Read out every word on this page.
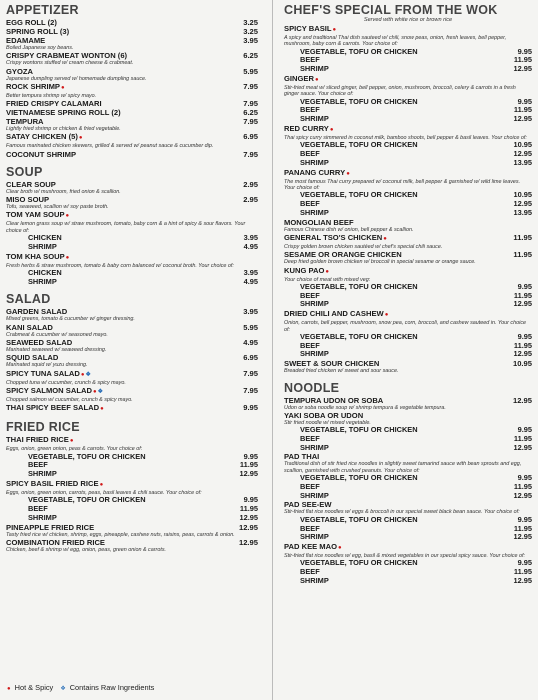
APPETIZER
EGG ROLL (2)	3.25
SPRING ROLL (3)	3.25
EDAMAME	3.95
Boiled Japanese soy beans.
CRISPY CRABMEAT WONTON (6)	6.25
Crispy wontons stuffed w/ cream cheese & crabmeat.
GYOZA	5.95
Japanese dumpling served w/ homemade dumpling sauce.
ROCK SHRIMP●	7.95
Better tempura shrimp w/ spicy mayo.
FRIED CRISPY CALAMARI	7.95
VIETNAMESE SPRING ROLL (2)	6.25
TEMPURA	7.95
Lightly fried shrimp or chicken & fried vegetable.
SATAY CHICKEN (5)●	6.95
Famous marinated chicken skewers, grilled & served w/ peanut sauce & cucumber dip.
COCONUT SHRIMP	7.95
SOUP
CLEAR SOUP	2.95
Clear broth w/ mushroom, fried onion & scallion.
MISO SOUP	2.95
Tofu, seaweed, scallion w/ soy paste broth.
TOM YAM SOUP●
Clear lemon grass soup w/ straw mushroom, tomato, baby corn & a hint of spicy & sour flavors. Your choice of:
CHICKEN	3.95
SHRIMP	4.95
TOM KHA SOUP●
Fresh herbs & straw mushroom, tomato & baby corn balanced w/ coconut broth. Your choice of:
CHICKEN	3.95
SHRIMP	4.95
SALAD
GARDEN SALAD	3.95
Mixed greens, tomato & cucumber w/ ginger dressing.
KANI SALAD	5.95
Crabmeat & cucumber w/ seasoned mayo.
SEAWEED SALAD	4.95
Marinated seaweed w/ seaweed dressing.
SQUID SALAD	6.95
Marinated squid w/ yuzu dressing.
SPICY TUNA SALAD●❖	7.95
Chopped tuna w/ cucumber, crunch & spicy mayo.
SPICY SALMON SALAD●❖	7.95
Chopped salmon w/ cucumber, crunch & spicy mayo.
THAI SPICY BEEF SALAD●	9.95
FRIED RICE
THAI FRIED RICE●
Eggs, onion, green onion, peas & carrots. Your choice of:
VEGETABLE, TOFU OR CHICKEN	9.95
BEEF	11.95
SHRIMP	12.95
SPICY BASIL FRIED RICE●
Eggs, onion, green onion, carrots, peas, basil leaves & chili sauce. Your choice of:
VEGETABLE, TOFU OR CHICKEN	9.95
BEEF	11.95
SHRIMP	12.95
PINEAPPLE FRIED RICE	12.95
Tasty fried rice w/ chicken, shrimp, eggs, pineapple, cashew nuts, raisins, peas, carrots & onion.
COMBINATION FRIED RICE	12.95
Chicken, beef & shrimp w/ egg, onion, peas, green onion & carrots.
CHEF'S SPECIAL FROM THE WOK
Served with white rice or brown rice
SPICY BASIL●
A spicy and traditional Thai dish sauteed w/ chili, snow peas, onion, fresh leaves, bell pepper, mushroom, baby corn & carrots. Your choice of:
VEGETABLE, TOFU OR CHICKEN	9.95
BEEF	11.95
SHRIMP	12.95
GINGER●
Stir-fried meat w/ sliced ginger, bell pepper, onion, mushroom, broccoli, celery & carrots in a fresh ginger sauce. Your choice of:
VEGETABLE, TOFU OR CHICKEN	9.95
BEEF	11.95
SHRIMP	12.95
RED CURRY●
Thai spicy curry simmered in coconut milk, bamboo shoots, bell pepper & basil leaves. Your choice of:
VEGETABLE, TOFU OR CHICKEN	10.95
BEEF	12.95
SHRIMP	13.95
PANANG CURRY●
The most famous Thai curry prepared w/ coconut milk, bell pepper & garnished w/ wild lime leaves. Your choice of:
VEGETABLE, TOFU OR CHICKEN	10.95
BEEF	12.95
SHRIMP	13.95
MONGOLIAN BEEF
Famous Chinese dish w/ onion, bell pepper & scallion.
GENERAL TSO'S CHICKEN●	11.95
Crispy golden brown chicken sautéed w/ chef's special chili sauce.
SESAME OR ORANGE CHICKEN	11.95
Deep fried golden brown chicken w/ broccoli in special sesame or orange sauce.
KUNG PAO●
Your choice of meat with mixed veg:
VEGETABLE, TOFU OR CHICKEN	9.95
BEEF	11.95
SHRIMP	12.95
DRIED CHILI AND CASHEW●
Onion, carrots, bell pepper, mushroom, snow pea, corn, broccoli, and cashew sauteed in. Your choice of:
VEGETABLE, TOFU OR CHICKEN	9.95
BEEF	11.95
SHRIMP	12.95
SWEET & SOUR CHICKEN	10.95
Breaded fried chicken w/ sweet and sour sauce.
NOODLE
TEMPURA UDON OR SOBA	12.95
Udon or soba noodle soup w/ shrimp tempura & vegetable tempura.
YAKI SOBA OR UDON
Stir fried noodle w/ mixed vegetable.
VEGETABLE, TOFU OR CHICKEN	9.95
BEEF	11.95
SHRIMP	12.95
PAD THAI
Traditional dish of stir fried rice noodles in slightly sweet tamarind sauce with bean sprouts and egg, scallion, garnished with crushed peanuts. Your choice of:
VEGETABLE, TOFU OR CHICKEN	9.95
BEEF	11.95
SHRIMP	12.95
PAD SEE-EW
Stir-fried flat rice noodles w/ eggs & broccoli in our special sweet black bean sauce. Your choice of:
VEGETABLE, TOFU OR CHICKEN	9.95
BEEF	11.95
SHRIMP	12.95
PAD KEE MAO●
Stir-fried flat rice noodles w/ egg, basil & mixed vegetables in our special spicy sauce. Your choice of:
VEGETABLE, TOFU OR CHICKEN	9.95
BEEF	11.95
SHRIMP	12.95
● Hot & Spicy ❖ Contains Raw Ingredients
